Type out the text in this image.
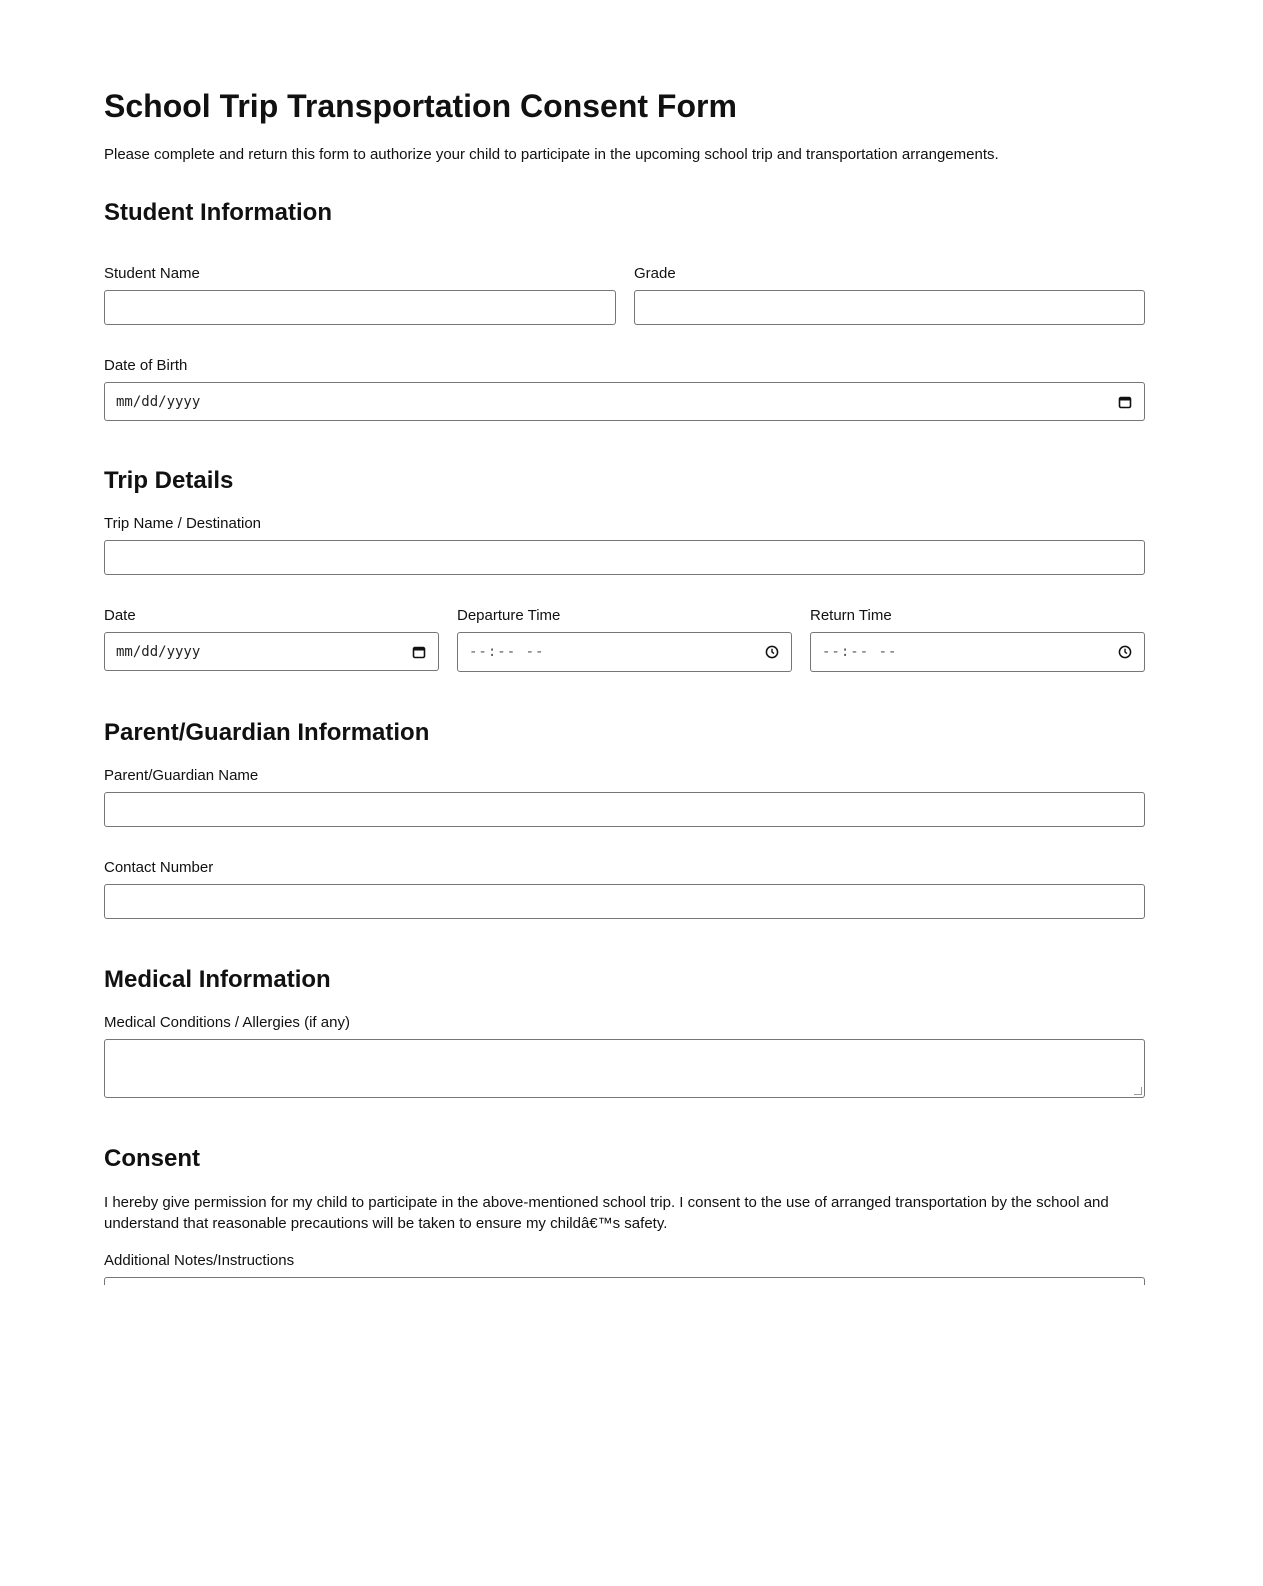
School Trip Transportation Consent Form

Please complete and return this form to authorize your child to participate in the upcoming school trip and transportation arrangements.

Student Information
Student Name	Grade
Date of Birth
mm/dd/yyyy
Trip Details
Trip Name / Destination
Date
mm/dd/yyyy
Departure Time
--:-- --
Return Time
--:-- --
Parent/Guardian Information
Parent/Guardian Name
Contact Number
Medical Information
Medical Conditions / Allergies (if any)
Consent

I hereby give permission for my child to participate in the above-mentioned school trip. I consent to the use of arranged transportation by the school and understand that reasonable precautions will be taken to ensure my childâ€™s safety.

Additional Notes/Instructions
